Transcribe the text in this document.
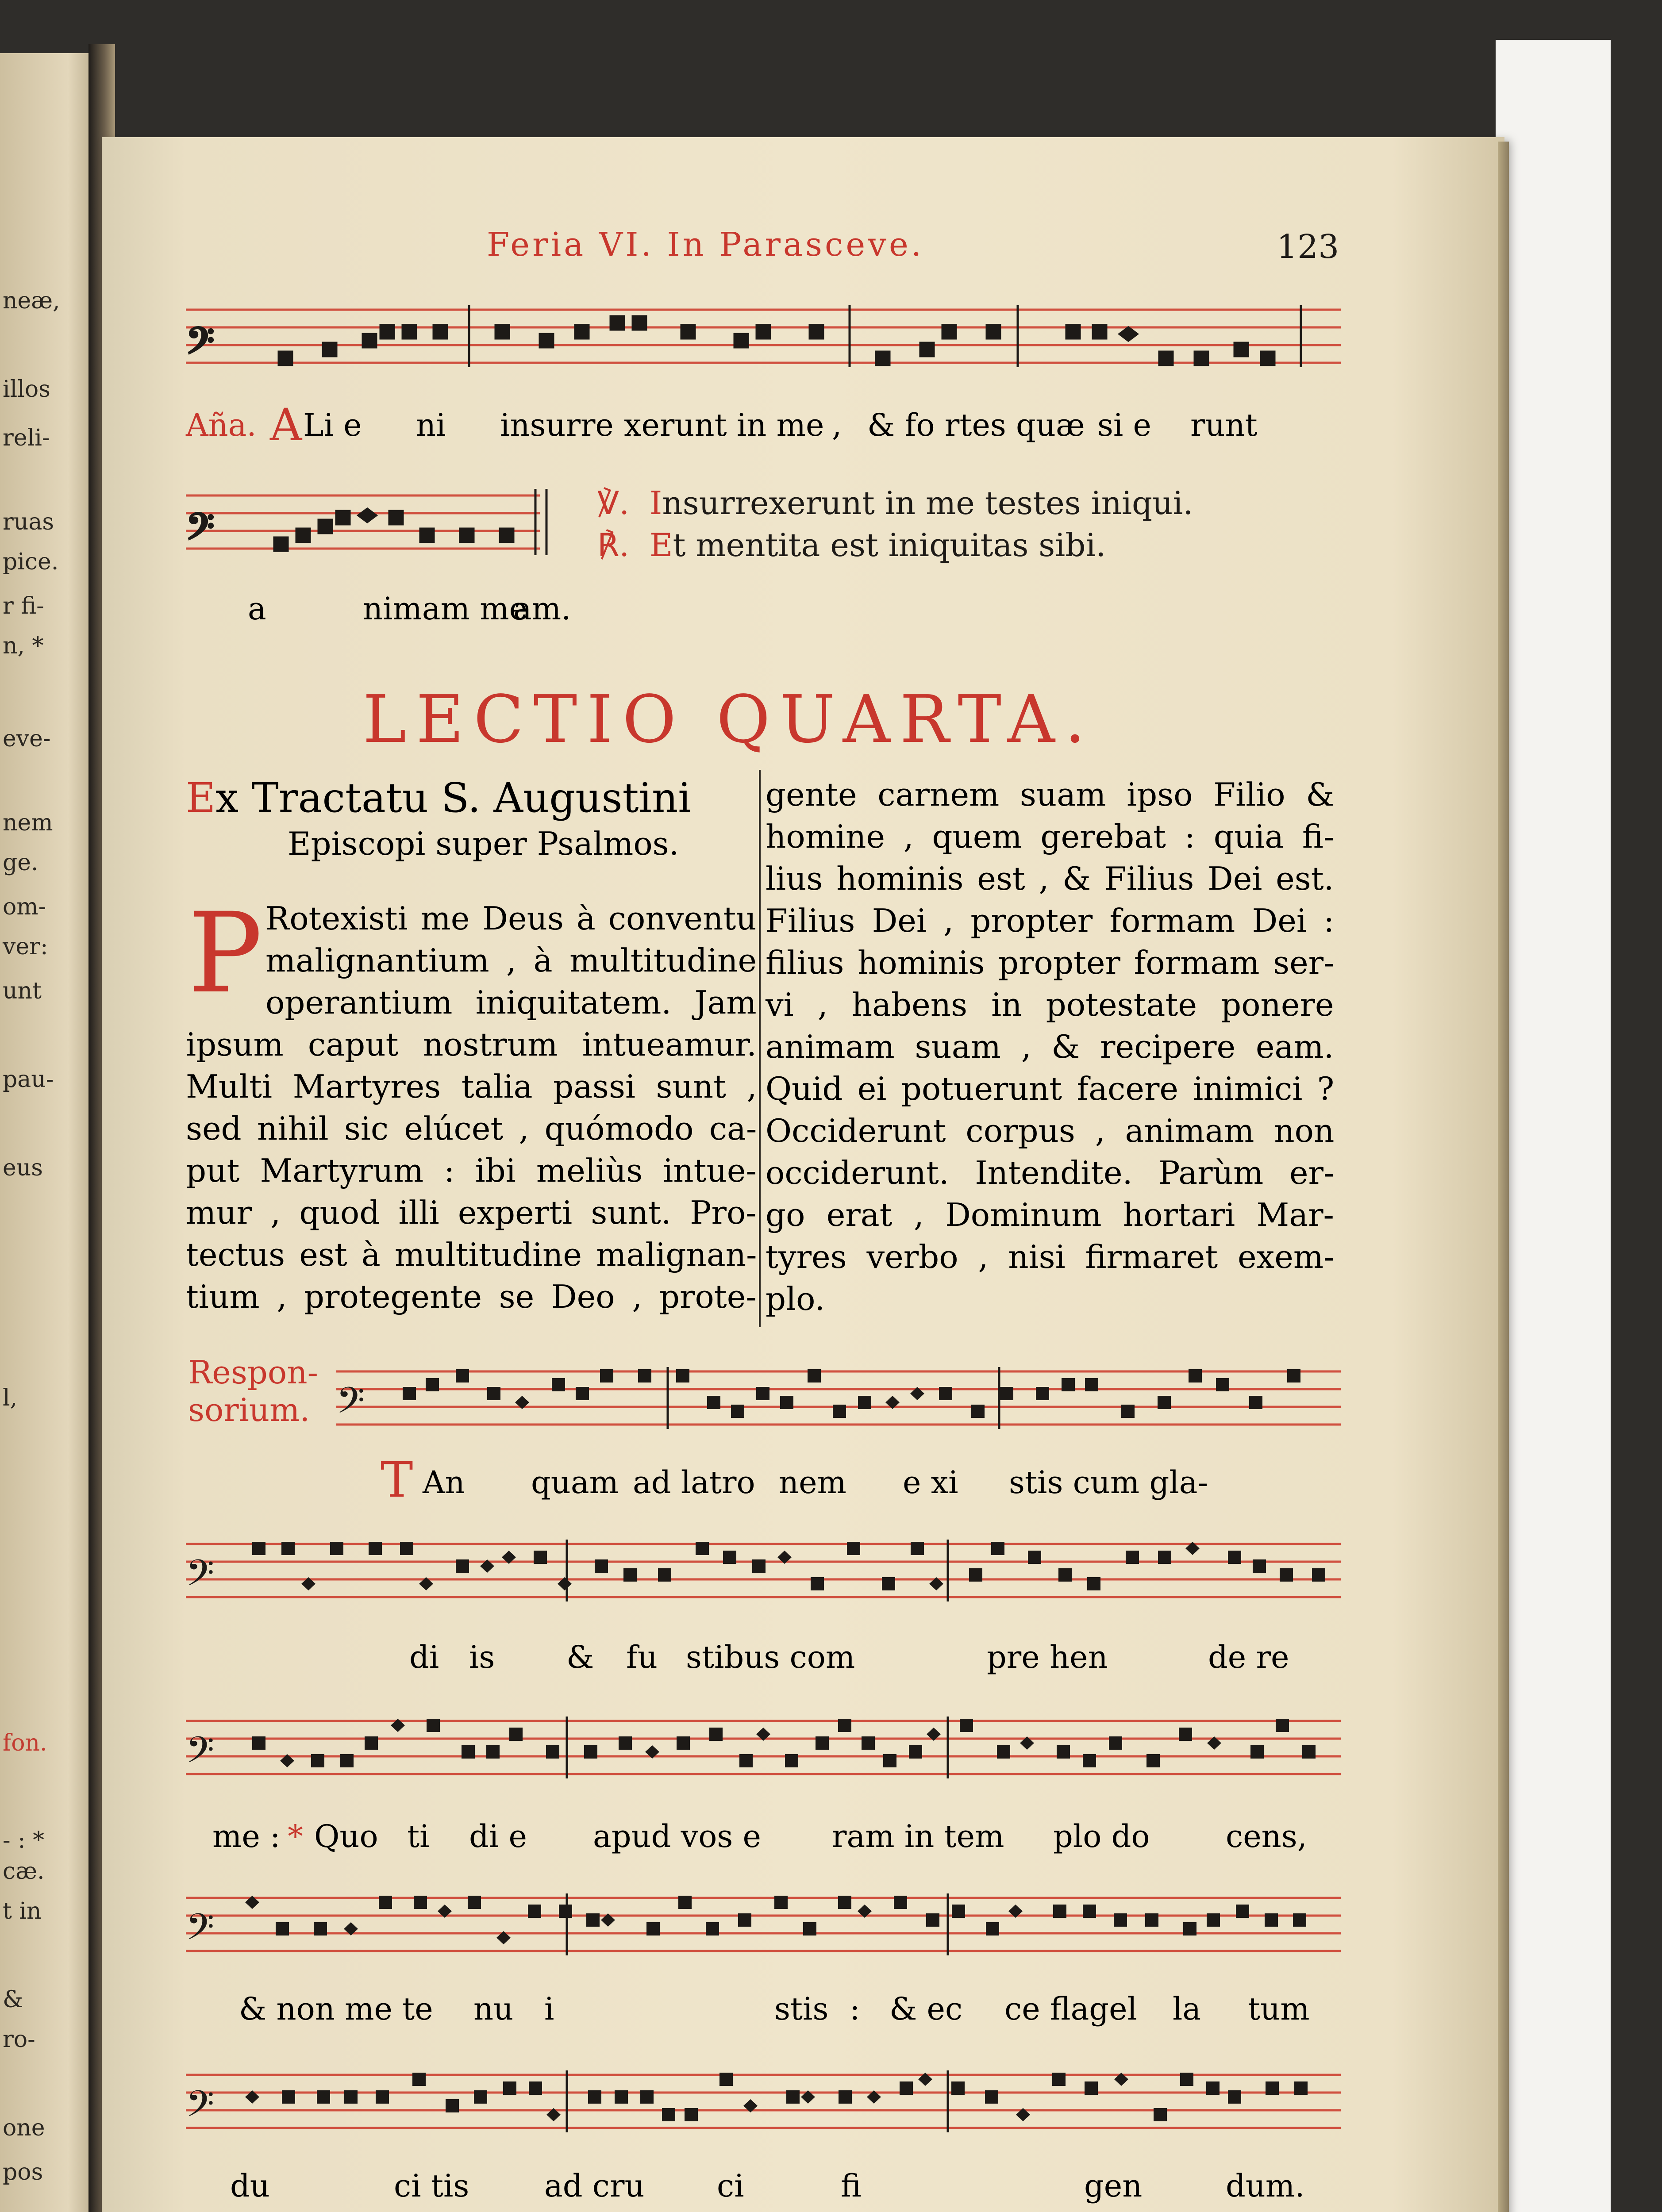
neæ,
illos
reli-
ruas
pice.
r fi-
n, *
eve-
nem
ge.
om-
ver:
unt
pau-
eus
l,
fon.
- : *
cæ.
t in
&
ro-
one
pos
Feria VI. In Parasceve.	123
𝄢
Aña. A Li e ni insurre xerunt in me , & fo rtes quæ si e runt
𝄢
a	nimam me
am.
℣. Insurrexerunt in me testes iniqui.
℟. Et mentita est iniquitas sibi.
LECTIO QUARTA.
Ex Tractatu S. Augustini
Episcopi super Psalmos.
P Rotexisti me Deus à conventu
malignantium , à multitudine
operantium iniquitatem. Jam
ipsum caput nostrum intueamur.
Multi Martyres talia passi sunt ,
sed nihil sic elúcet , quómodo ca-
put Martyrum : ibi meliùs intue-
mur , quod illi experti sunt. Pro-
tectus est à multitudine malignan-
tium , protegente se Deo , prote-
gente carnem suam ipso Filio &
homine , quem gerebat : quia fi-
lius hominis est , & Filius Dei est.
Filius Dei , propter formam Dei :
filius hominis propter formam ser-
vi , habens in potestate ponere
animam suam , & recipere eam.
Quid ei potuerunt facere inimici ?
Occiderunt corpus , animam non
occiderunt. Intendite. Parùm er-
go erat , Dominum hortari Mar-
tyres verbo , nisi firmaret exem-
plo.
Respon-
sorium. 𝄢
𝄢
𝄢
𝄢
𝄢
T An quam ad latro nem e xi stis cum gla-
di is & fu stibus com	pre hen	de re
me : * Quo ti di e apud vos e ram in tem plo do cens,
& non me te nu i	stis : & ec ce flagel la tum
du	ci tis ad cru ci	fi	gen	dum.
